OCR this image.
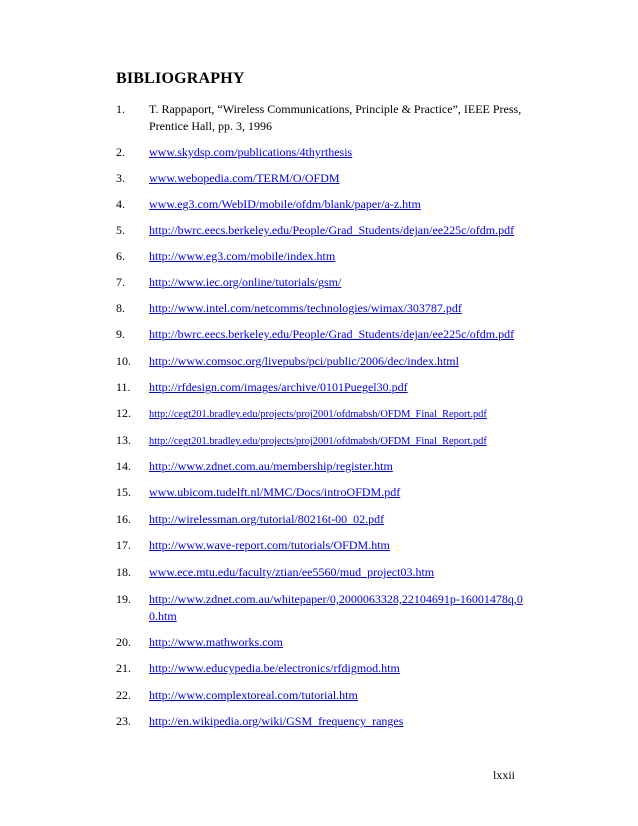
BIBLIOGRAPHY
1.	T. Rappaport, “Wireless Communications, Principle & Practice”, IEEE Press, Prentice Hall, pp. 3, 1996
2.	www.skydsp.com/publications/4thyrthesis
3.	www.webopedia.com/TERM/O/OFDM
4.	www.eg3.com/WebID/mobile/ofdm/blank/paper/a-z.htm
5.	http://bwrc.eecs.berkeley.edu/People/Grad_Students/dejan/ee225c/ofdm.pdf
6.	http://www.eg3.com/mobile/index.htm
7.	http://www.iec.org/online/tutorials/gsm/
8.	http://www.intel.com/netcomms/technologies/wimax/303787.pdf
9.	http://bwrc.eecs.berkeley.edu/People/Grad_Students/dejan/ee225c/ofdm.pdf
10.	http://www.comsoc.org/livepubs/pci/public/2006/dec/index.html
11.	http://rfdesign.com/images/archive/0101Puegel30.pdf
12.	http://cegt201.bradley.edu/projects/proj2001/ofdmabsh/OFDM_Final_Report.pdf
13.	http://cegt201.bradley.edu/projects/proj2001/ofdmabsh/OFDM_Final_Report.pdf
14.	http://www.zdnet.com.au/membership/register.htm
15.	www.ubicom.tudelft.nl/MMC/Docs/introOFDM.pdf
16.	http://wirelessman.org/tutorial/80216t-00_02.pdf
17.	http://www.wave-report.com/tutorials/OFDM.htm
18.	www.ece.mtu.edu/faculty/ztian/ee5560/mud_project03.htm
19.	http://www.zdnet.com.au/whitepaper/0,2000063328,22104691p-16001478q,00.htm
20.	http://www.mathworks.com
21.	http://www.educypedia.be/electronics/rfdigmod.htm
22.	http://www.complextoreal.com/tutorial.htm
23.	http://en.wikipedia.org/wiki/GSM_frequency_ranges
lxxii
